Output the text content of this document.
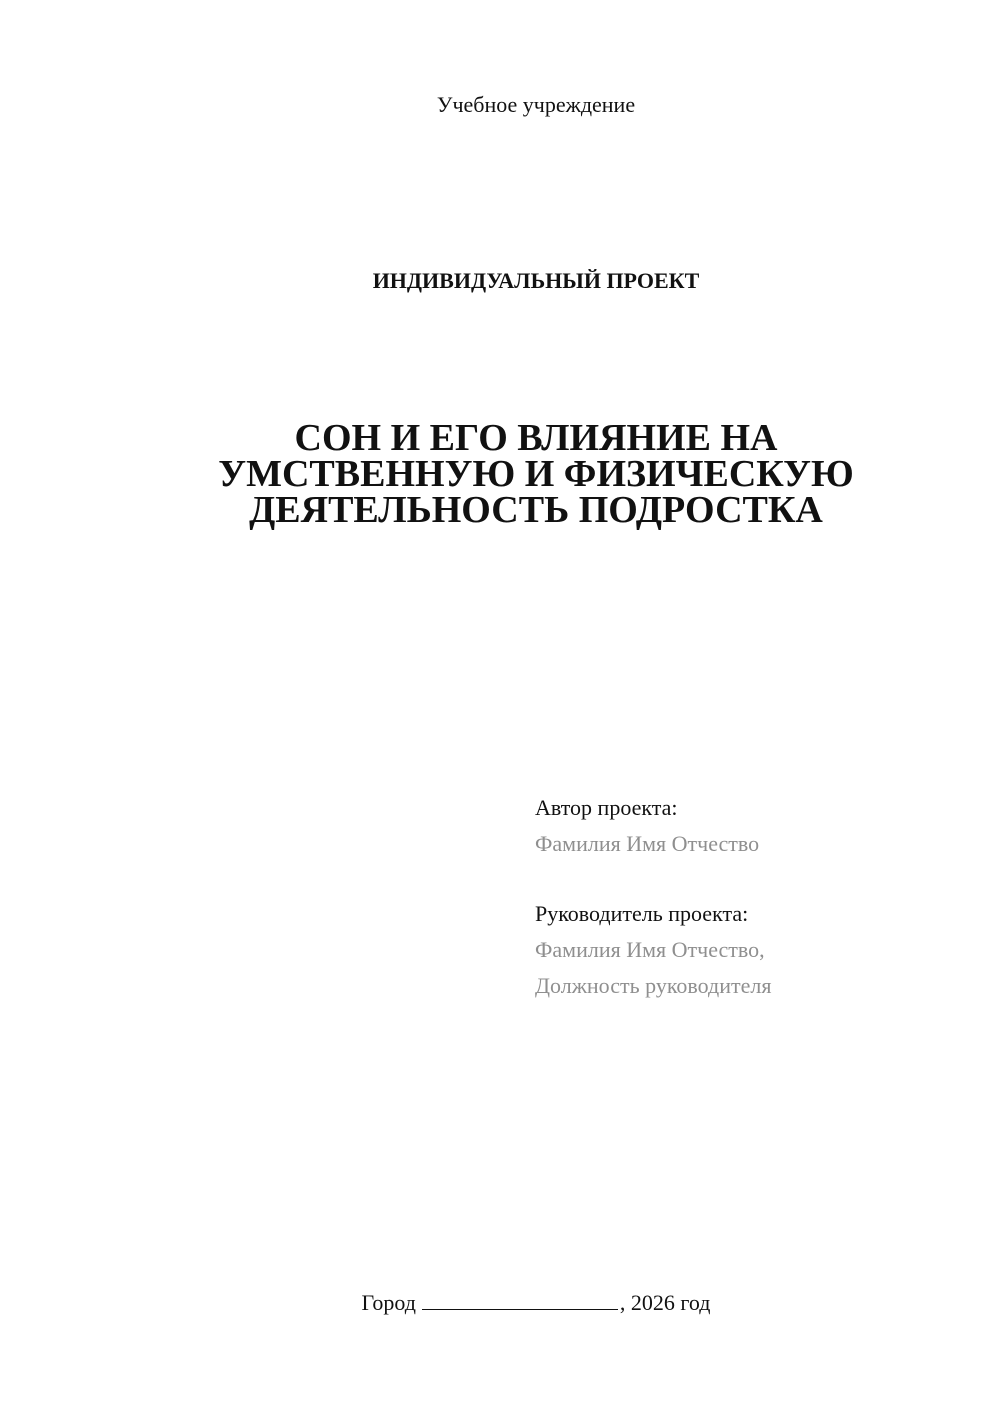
Учебное учреждение
ИНДИВИДУАЛЬНЫЙ ПРОЕКТ
СОН И ЕГО ВЛИЯНИЕ НА
УМСТВЕННУЮ И ФИЗИЧЕСКУЮ
ДЕЯТЕЛЬНОСТЬ ПОДРОСТКА
Автор проекта:
Фамилия Имя Отчество
Руководитель проекта:
Фамилия Имя Отчество,
Должность руководителя
Город	, 2026 год
